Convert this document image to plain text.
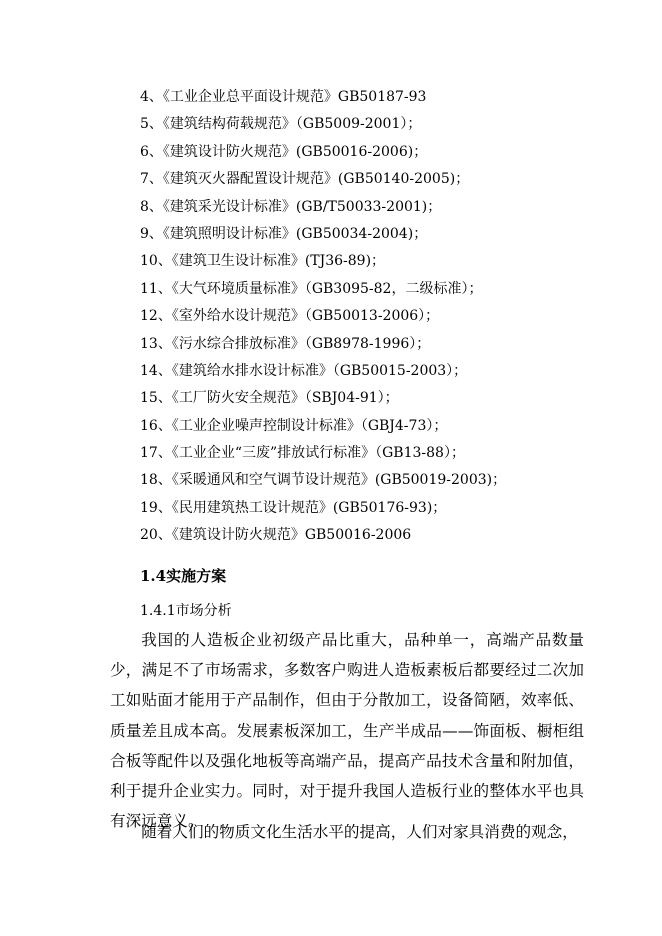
4、《工业企业总平面设计规范》GB50187-93
5、《建筑结构荷载规范》（GB5009-2001）；
6、《建筑设计防火规范》(GB50016-2006)；
7、《建筑灭火器配置设计规范》(GB50140-2005)；
8、《建筑采光设计标准》(GB/T50033-2001)；
9、《建筑照明设计标准》(GB50034-2004)；
10、《建筑卫生设计标准》(TJ36-89)；
11、《大气环境质量标准》（GB3095-82，二级标准）；
12、《室外给水设计规范》（GB50013-2006）；
13、《污水综合排放标准》（GB8978-1996）；
14、《建筑给水排水设计标准》（GB50015-2003）；
15、《工厂防火安全规范》（SBJ04-91）；
16、《工业企业噪声控制设计标准》（GBJ4-73）；
17、《工业企业“三废”排放试行标准》（GB13-88）；
18、《采暖通风和空气调节设计规范》(GB50019-2003)；
19、《民用建筑热工设计规范》(GB50176-93)；
20、《建筑设计防火规范》GB50016-2006
1.4实施方案
1.4.1市场分析

我国的人造板企业初级产品比重大，品种单一，高端产品数量少，满足不了市场需求，多数客户购进人造板素板后都要经过二次加工如贴面才能用于产品制作，但由于分散加工，设备简陋，效率低、质量差且成本高。发展素板深加工，生产半成品——饰面板、橱柜组合板等配件以及强化地板等高端产品，提高产品技术含量和附加值，利于提升企业实力。同时，对于提升我国人造板行业的整体水平也具有深远意义。

随着人们的物质文化生活水平的提高，人们对家具消费的观念，
